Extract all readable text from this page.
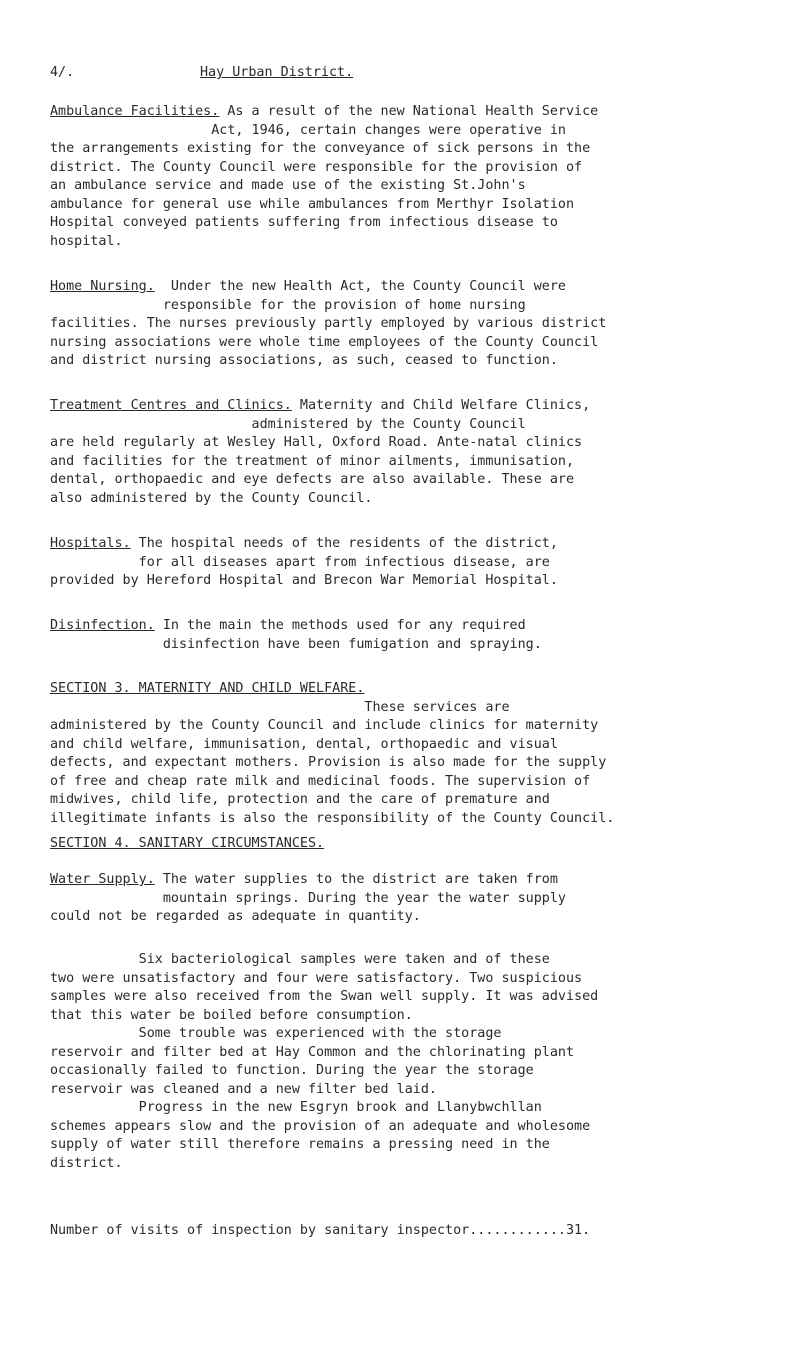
4/.	Hay Urban District.
Ambulance Facilities. As a result of the new National Health Service
Act, 1946, certain changes were operative in
the arrangements existing for the conveyance of sick persons in the
district. The County Council were responsible for the provision of
an ambulance service and made use of the existing St.John's
ambulance for general use while ambulances from Merthyr Isolation
Hospital conveyed patients suffering from infectious disease to
hospital.
Home Nursing.  Under the new Health Act, the County Council were
responsible for the provision of home nursing
facilities. The nurses previously partly employed by various district
nursing associations were whole time employees of the County Council
and district nursing associations, as such, ceased to function.
Treatment Centres and Clinics. Maternity and Child Welfare Clinics,
administered by the County Council
are held regularly at Wesley Hall, Oxford Road. Ante-natal clinics
and facilities for the treatment of minor ailments, immunisation,
dental, orthopaedic and eye defects are also available. These are
also administered by the County Council.
Hospitals. The hospital needs of the residents of the district,
for all diseases apart from infectious disease, are
provided by Hereford Hospital and Brecon War Memorial Hospital.
Disinfection. In the main the methods used for any required
disinfection have been fumigation and spraying.
SECTION 3. MATERNITY AND CHILD WELFARE.
These services are
administered by the County Council and include clinics for maternity
and child welfare, immunisation, dental, orthopaedic and visual
defects, and expectant mothers. Provision is also made for the supply
of free and cheap rate milk and medicinal foods. The supervision of
midwives, child life, protection and the care of premature and
illegitimate infants is also the responsibility of the County Council.
SECTION 4. SANITARY CIRCUMSTANCES.
Water Supply. The water supplies to the district are taken from
mountain springs. During the year the water supply
could not be regarded as adequate in quantity.
Six bacteriological samples were taken and of these
two were unsatisfactory and four were satisfactory. Two suspicious
samples were also received from the Swan well supply. It was advised
that this water be boiled before consumption.
Some trouble was experienced with the storage
reservoir and filter bed at Hay Common and the chlorinating plant
occasionally failed to function. During the year the storage
reservoir was cleaned and a new filter bed laid.
Progress in the new Esgryn brook and Llanybwchllan
schemes appears slow and the provision of an adequate and wholesome
supply of water still therefore remains a pressing need in the
district.
Number of visits of inspection by sanitary inspector............31.
